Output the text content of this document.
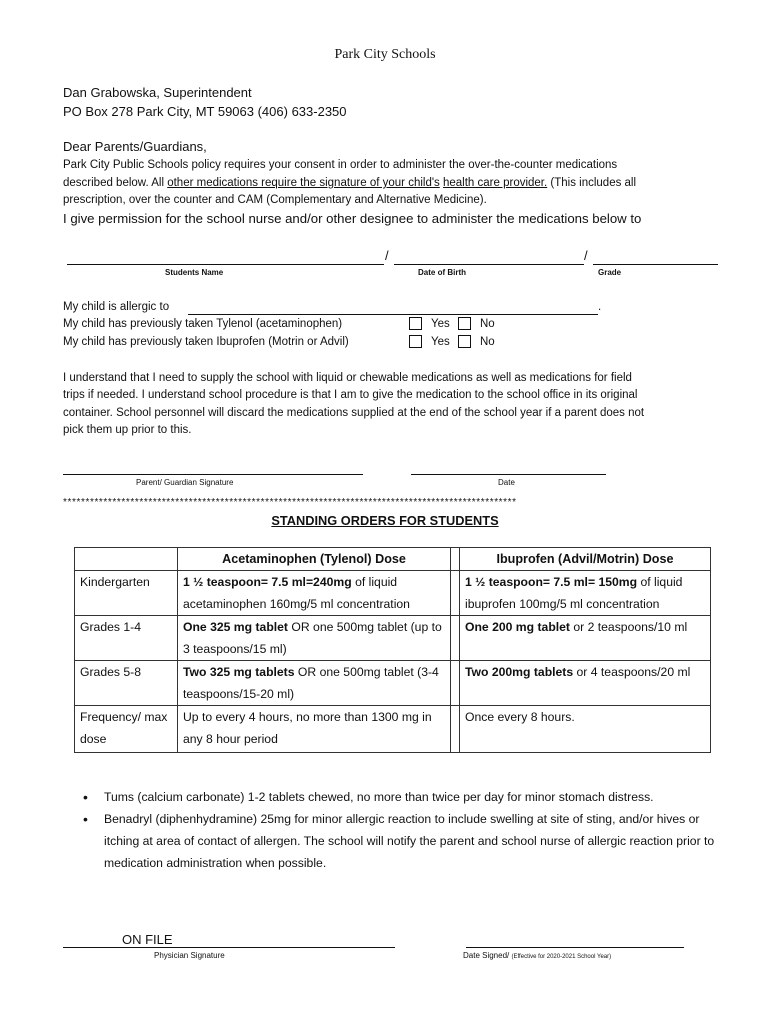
Park City Schools
Dan Grabowska, Superintendent
PO Box 278 Park City, MT 59063 (406) 633-2350
Dear Parents/Guardians,
Park City Public Schools policy requires your consent in order to administer the over-the-counter medications
described below. All other medications require the signature of your child's health care provider. (This includes all
prescription, over the counter and CAM (Complementary and Alternative Medicine).
I give permission for the school nurse and/or other designee to administer the medications below to
/	/
Students Name	Date of Birth	Grade
My child is allergic to	.
My child has previously taken Tylenol (acetaminophen)	Yes	No
My child has previously taken Ibuprofen (Motrin or Advil)	Yes	No
I understand that I need to supply the school with liquid or chewable medications as well as medications for field
trips if needed. I understand school procedure is that I am to give the medication to the school office in its original
container. School personnel will discard the medications supplied at the end of the school year if a parent does not
pick them up prior to this.
Parent/ Guardian Signature	Date
*****************************************************************************************************
STANDING ORDERS FOR STUDENTS
	Acetaminophen (Tylenol) Dose		Ibuprofen (Advil/Motrin) Dose
Kindergarten	1 ½ teaspoon= 7.5 ml=240mg of liquid acetaminophen 160mg/5 ml concentration		1 ½ teaspoon= 7.5 ml= 150mg of liquid ibuprofen 100mg/5 ml concentration
Grades 1-4	One 325 mg tablet OR one 500mg tablet (up to 3 teaspoons/15 ml)		One 200 mg tablet or 2 teaspoons/10 ml
Grades 5-8	Two 325 mg tablets OR one 500mg tablet (3-4 teaspoons/15-20 ml)		Two 200mg tablets or 4 teaspoons/20 ml
Frequency/ max dose	Up to every 4 hours, no more than 1300 mg in any 8 hour period		Once every 8 hours.
• Tums (calcium carbonate) 1-2 tablets chewed, no more than twice per day for minor stomach distress.
• Benadryl (diphenhydramine) 25mg for minor allergic reaction to include swelling at site of sting, and/or hives or itching at area of contact of allergen. The school will notify the parent and school nurse of allergic reaction prior to medication administration when possible.
ON FILE
Physician Signature	Date Signed/ (Effective for 2020-2021 School Year)
